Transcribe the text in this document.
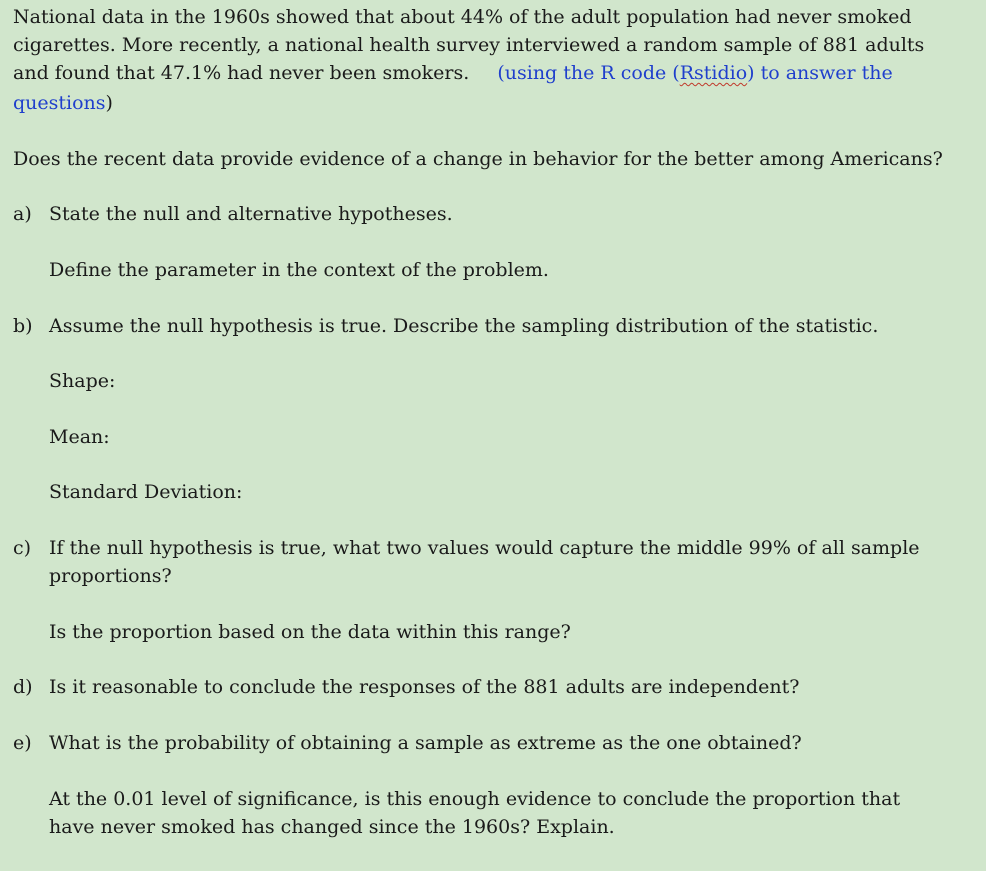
National data in the 1960s showed that about 44% of the adult population had never smoked
cigarettes. More recently, a national health survey interviewed a random sample of 881 adults
and found that 47.1% had never been smokers. (using the R code (Rstidio) to answer the
questions)
Does the recent data provide evidence of a change in behavior for the better among Americans?
a) State the null and alternative hypotheses.
Define the parameter in the context of the problem.
b) Assume the null hypothesis is true. Describe the sampling distribution of the statistic.
Shape:
Mean:
Standard Deviation:
c) If the null hypothesis is true, what two values would capture the middle 99% of all sample
proportions?
Is the proportion based on the data within this range?
d) Is it reasonable to conclude the responses of the 881 adults are independent?
e) What is the probability of obtaining a sample as extreme as the one obtained?
At the 0.01 level of significance, is this enough evidence to conclude the proportion that
have never smoked has changed since the 1960s? Explain.
